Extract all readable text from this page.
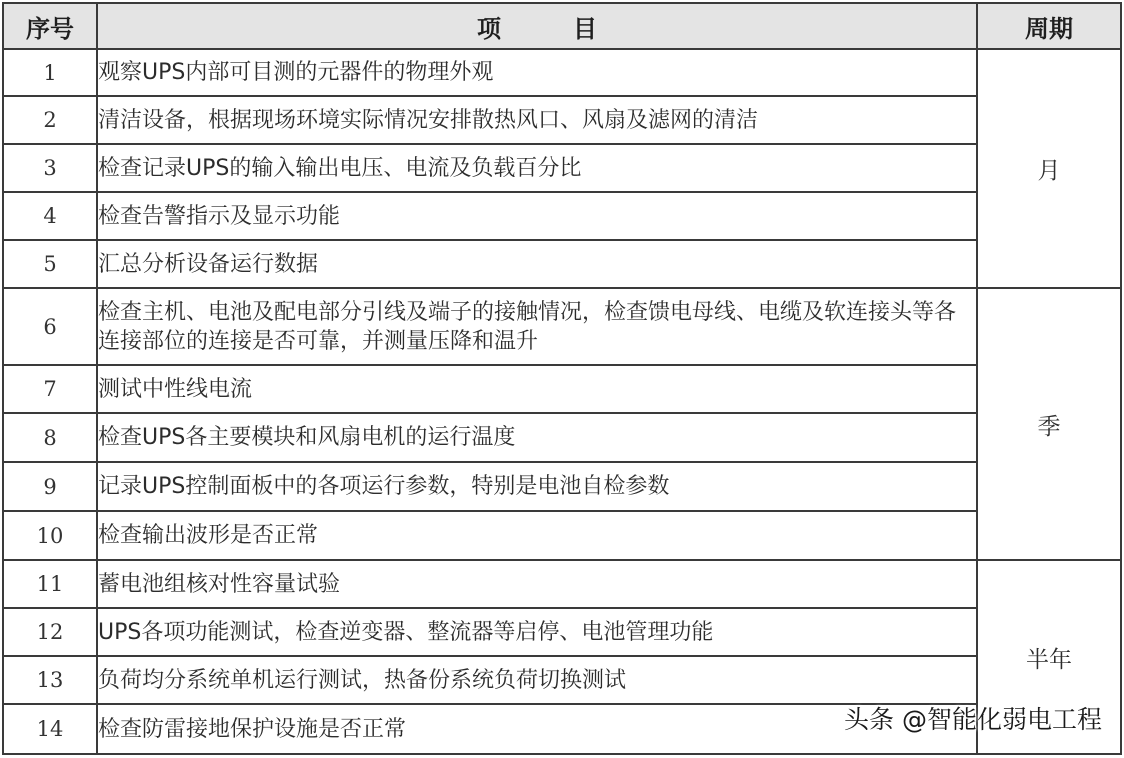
序号	项　　　目	周期
1	观察UPS内部可目测的元器件的物理外观	月
2	清洁设备，根据现场环境实际情况安排散热风口、风扇及滤网的清洁	
3	检查记录UPS的输入输出电压、电流及负载百分比	
4	检查告警指示及显示功能	
5	汇总分析设备运行数据	
6	检查主机、电池及配电部分引线及端子的接触情况，检查馈电母线、电缆及软连接头等各连接部位的连接是否可靠，并测量压降和温升	季
7	测试中性线电流	
8	检查UPS各主要模块和风扇电机的运行温度	
9	记录UPS控制面板中的各项运行参数，特别是电池自检参数	
10	检查输出波形是否正常	
11	蓄电池组核对性容量试验	半年
12	UPS各项功能测试，检查逆变器、整流器等启停、电池管理功能	
13	负荷均分系统单机运行测试，热备份系统负荷切换测试	
14	检查防雷接地保护设施是否正常		头条 @智能化弱电工程
